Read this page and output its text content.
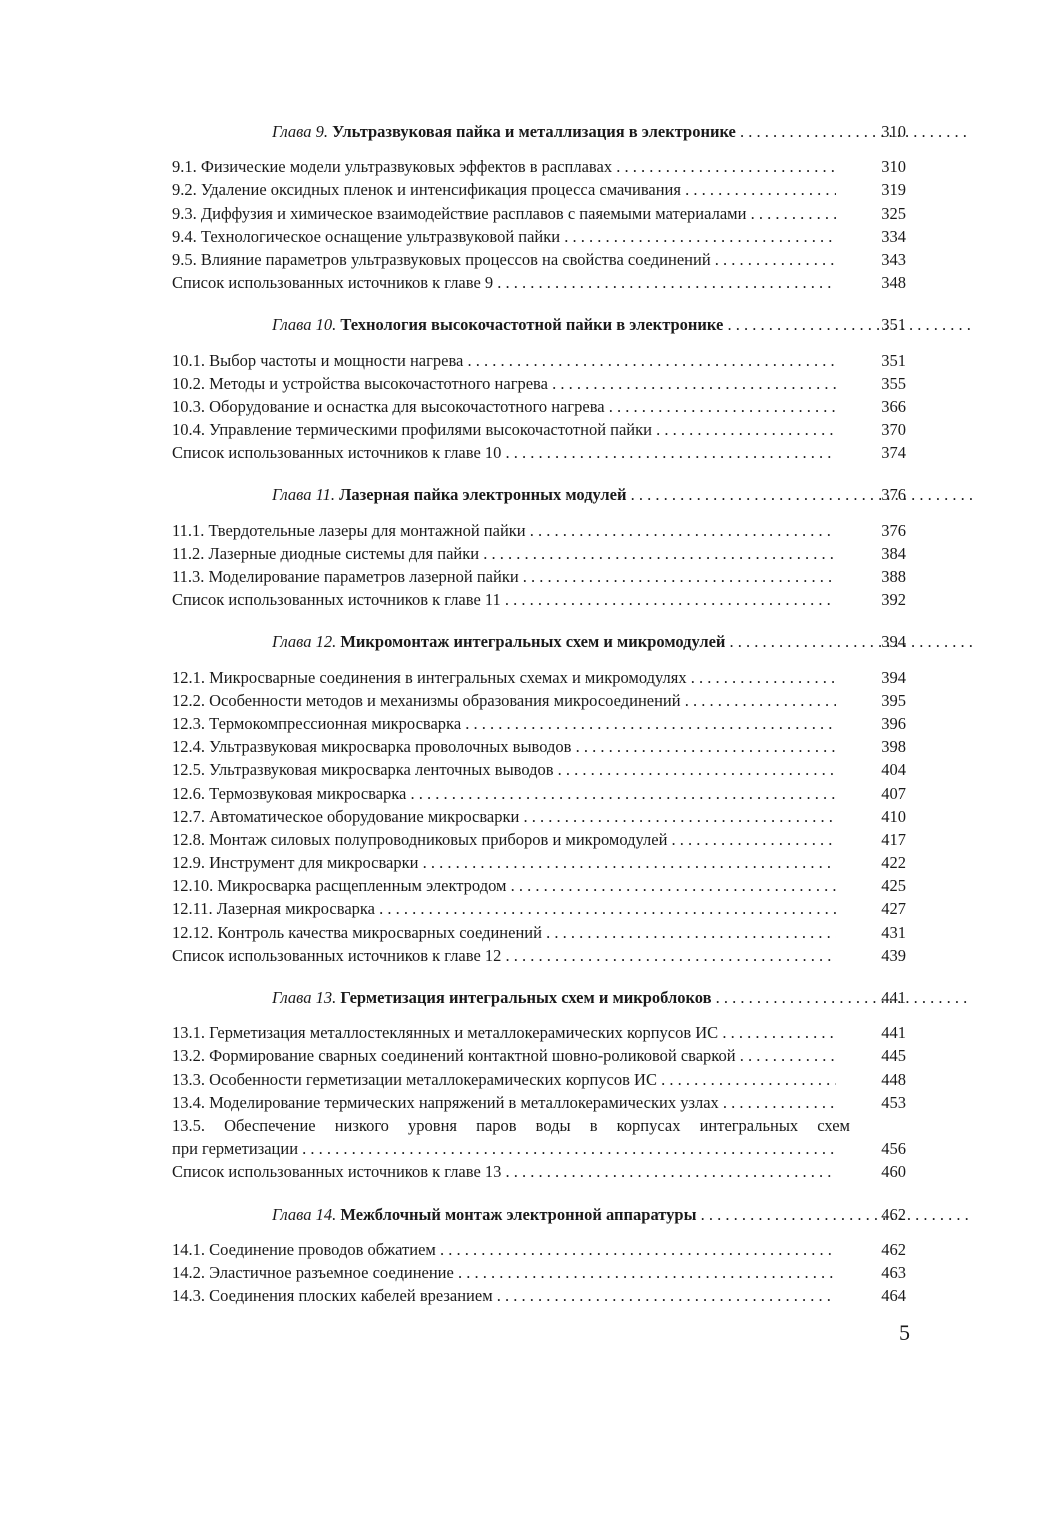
Глава 9. Ультразвуковая пайка и металлизация в электронике . . .	310
9.1. Физические модели ультразвуковых эффектов в расплавах . . .	310
9.2. Удаление оксидных пленок и интенсификация процесса смачивания . . .	319
9.3. Диффузия и химическое взаимодействие расплавов с паяемыми материалами . . .	325
9.4. Технологическое оснащение ультразвуковой пайки . . .	334
9.5. Влияние параметров ультразвуковых процессов на свойства соединений . . .	343
Список использованных источников к главе 9 . . .	348
Глава 10. Технология высокочастотной пайки в электронике . . .	351
10.1. Выбор частоты и мощности нагрева . . .	351
10.2. Методы и устройства высокочастотного нагрева . . .	355
10.3. Оборудование и оснастка для высокочастотного нагрева . . .	366
10.4. Управление термическими профилями высокочастотной пайки . . .	370
Список использованных источников к главе 10 . . .	374
Глава 11. Лазерная пайка электронных модулей . . .	376
11.1. Твердотельные лазеры для монтажной пайки . . .	376
11.2. Лазерные диодные системы для пайки . . .	384
11.3. Моделирование параметров лазерной пайки . . .	388
Список использованных источников к главе 11 . . .	392
Глава 12. Микромонтаж интегральных схем и микромодулей . . .	394
12.1. Микросварные соединения в интегральных схемах и микромодулях . . .	394
12.2. Особенности методов и механизмы образования микросоединений . . .	395
12.3. Термокомпрессионная микросварка . . .	396
12.4. Ультразвуковая микросварка проволочных выводов . . .	398
12.5. Ультразвуковая микросварка ленточных выводов . . .	404
12.6. Термозвуковая микросварка . . .	407
12.7. Автоматическое оборудование микросварки . . .	410
12.8. Монтаж силовых полупроводниковых приборов и микромодулей . . .	417
12.9. Инструмент для микросварки . . .	422
12.10. Микросварка расщепленным электродом . . .	425
12.11. Лазерная микросварка . . .	427
12.12. Контроль качества микросварных соединений . . .	431
Список использованных источников к главе 12 . . .	439
Глава 13. Герметизация интегральных схем и микроблоков . . .	441
13.1. Герметизация металлостеклянных и металлокерамических корпусов ИС . . .	441
13.2. Формирование сварных соединений контактной шовно-роликовой сваркой . . .	445
13.3. Особенности герметизации металлокерамических корпусов ИС . . .	448
13.4. Моделирование термических напряжений в металлокерамических узлах . . .	453
13.5. Обеспечение низкого уровня паров воды в корпусах интегральных схем
при герметизации . . .	456
Список использованных источников к главе 13 . . .	460
Глава 14. Межблочный монтаж электронной аппаратуры . . .	462
14.1. Соединение проводов обжатием . . .	462
14.2. Эластичное разъемное соединение . . .	463
14.3. Соединения плоских кабелей врезанием . . .	464
5
